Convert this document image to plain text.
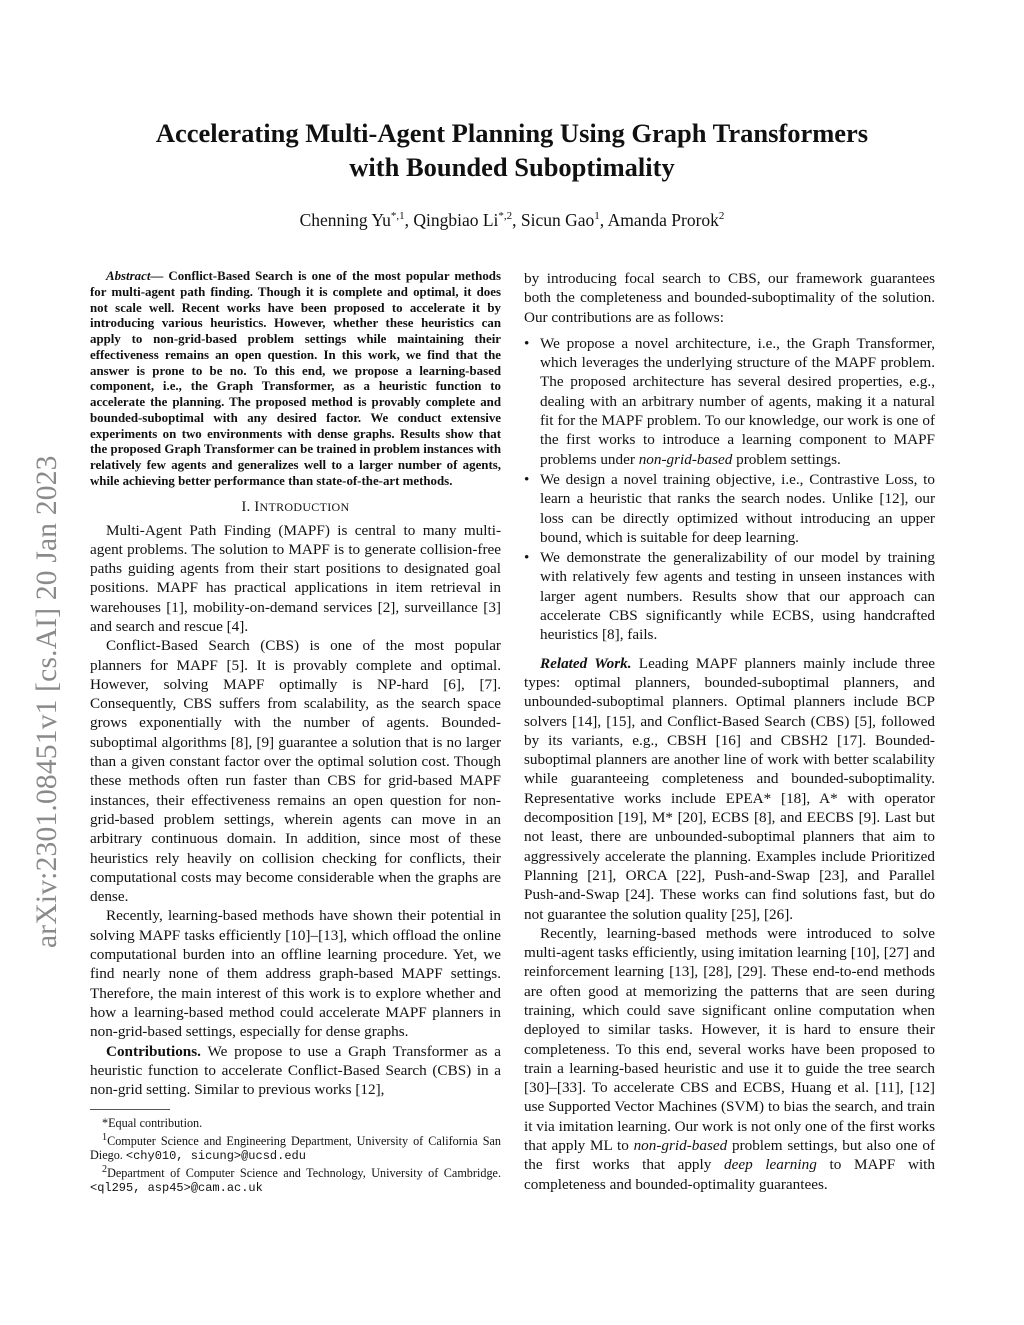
arXiv:2301.08451v1 [cs.AI] 20 Jan 2023
Accelerating Multi-Agent Planning Using Graph Transformers
with Bounded Suboptimality
Chenning $Yu^{*,1}$, Qingbiao $Li^{*,2}$, Sicun Gao$^1$, Amanda Prorok$^2$

Abstract— Conflict-Based Search is one of the most popular methods for multi-agent path finding. Though it is complete and optimal, it does not scale well. Recent works have been proposed to accelerate it by introducing various heuristics. However, whether these heuristics can apply to non-grid-based problem settings while maintaining their effectiveness remains an open question. In this work, we find that the answer is prone to be no. To this end, we propose a learning-based component, i.e., the Graph Transformer, as a heuristic function to accelerate the planning. The proposed method is provably complete and bounded-suboptimal with any desired factor. We conduct extensive experiments on two environments with dense graphs. Results show that the proposed Graph Transformer can be trained in problem instances with relatively few agents and generalizes well to a larger number of agents, while achieving better performance than state-of-the-art methods.

I. INTRODUCTION

Multi-Agent Path Finding (MAPF) is central to many multi-agent problems. The solution to MAPF is to generate collision-free paths guiding agents from their start positions to designated goal positions. MAPF has practical applications in item retrieval in warehouses [1], mobility-on-demand services [2], surveillance [3] and search and rescue [4].

Conflict-Based Search (CBS) is one of the most popular planners for MAPF [5]. It is provably complete and optimal. However, solving MAPF optimally is NP-hard [6], [7]. Consequently, CBS suffers from scalability, as the search space grows exponentially with the number of agents. Bounded-suboptimal algorithms [8], [9] guarantee a solution that is no larger than a given constant factor over the optimal solution cost. Though these methods often run faster than CBS for grid-based MAPF instances, their effectiveness remains an open question for non-grid-based problem settings, wherein agents can move in an arbitrary continuous domain. In addition, since most of these heuristics rely heavily on collision checking for conflicts, their computational costs may become considerable when the graphs are dense.

Recently, learning-based methods have shown their potential in solving MAPF tasks efficiently [10]–[13], which offload the online computational burden into an offline learning procedure. Yet, we find nearly none of them address graph-based MAPF settings. Therefore, the main interest of this work is to explore whether and how a learning-based method could accelerate MAPF planners in non-grid-based settings, especially for dense graphs.

Contributions. We propose to use a Graph Transformer as a heuristic function to accelerate Conflict-Based Search (CBS) in a non-grid setting. Similar to previous works [12],

*Equal contribution.

$^1$Computer Science and Engineering Department, University of California San Diego. <chy010, sicung>@ucsd.edu

$^2$Department of Computer Science and Technology, University of Cambridge. <ql295, asp45>@cam.ac.uk

by introducing focal search to CBS, our framework guarantees both the completeness and bounded-suboptimality of the solution. Our contributions are as follows:

• We propose a novel architecture, i.e., the Graph Transformer, which leverages the underlying structure of the MAPF problem. The proposed architecture has several desired properties, e.g., dealing with an arbitrary number of agents, making it a natural fit for the MAPF problem. To our knowledge, our work is one of the first works to introduce a learning component to MAPF problems under non-grid-based problem settings.

• We design a novel training objective, i.e., Contrastive Loss, to learn a heuristic that ranks the search nodes. Unlike [12], our loss can be directly optimized without introducing an upper bound, which is suitable for deep learning.

• We demonstrate the generalizability of our model by training with relatively few agents and testing in unseen instances with larger agent numbers. Results show that our approach can accelerate CBS significantly while ECBS, using handcrafted heuristics [8], fails.

Related Work. Leading MAPF planners mainly include three types: optimal planners, bounded-suboptimal planners, and unbounded-suboptimal planners. Optimal planners include BCP solvers [14], [15], and Conflict-Based Search (CBS) [5], followed by its variants, e.g., CBSH [16] and CBSH2 [17]. Bounded-suboptimal planners are another line of work with better scalability while guaranteeing completeness and bounded-suboptimality. Representative works include EPEA* [18], A* with operator decomposition [19], M* [20], ECBS [8], and EECBS [9]. Last but not least, there are unbounded-suboptimal planners that aim to aggressively accelerate the planning. Examples include Prioritized Planning [21], ORCA [22], Push-and-Swap [23], and Parallel Push-and-Swap [24]. These works can find solutions fast, but do not guarantee the solution quality [25], [26].

Recently, learning-based methods were introduced to solve multi-agent tasks efficiently, using imitation learning [10], [27] and reinforcement learning [13], [28], [29]. These end-to-end methods are often good at memorizing the patterns that are seen during training, which could save significant online computation when deployed to similar tasks. However, it is hard to ensure their completeness. To this end, several works have been proposed to train a learning-based heuristic and use it to guide the tree search [30]–[33]. To accelerate CBS and ECBS, Huang et al. [11], [12] use Supported Vector Machines (SVM) to bias the search, and train it via imitation learning. Our work is not only one of the first works that apply ML to non-grid-based problem settings, but also one of the first works that apply deep learning to MAPF with completeness and bounded-optimality guarantees.
